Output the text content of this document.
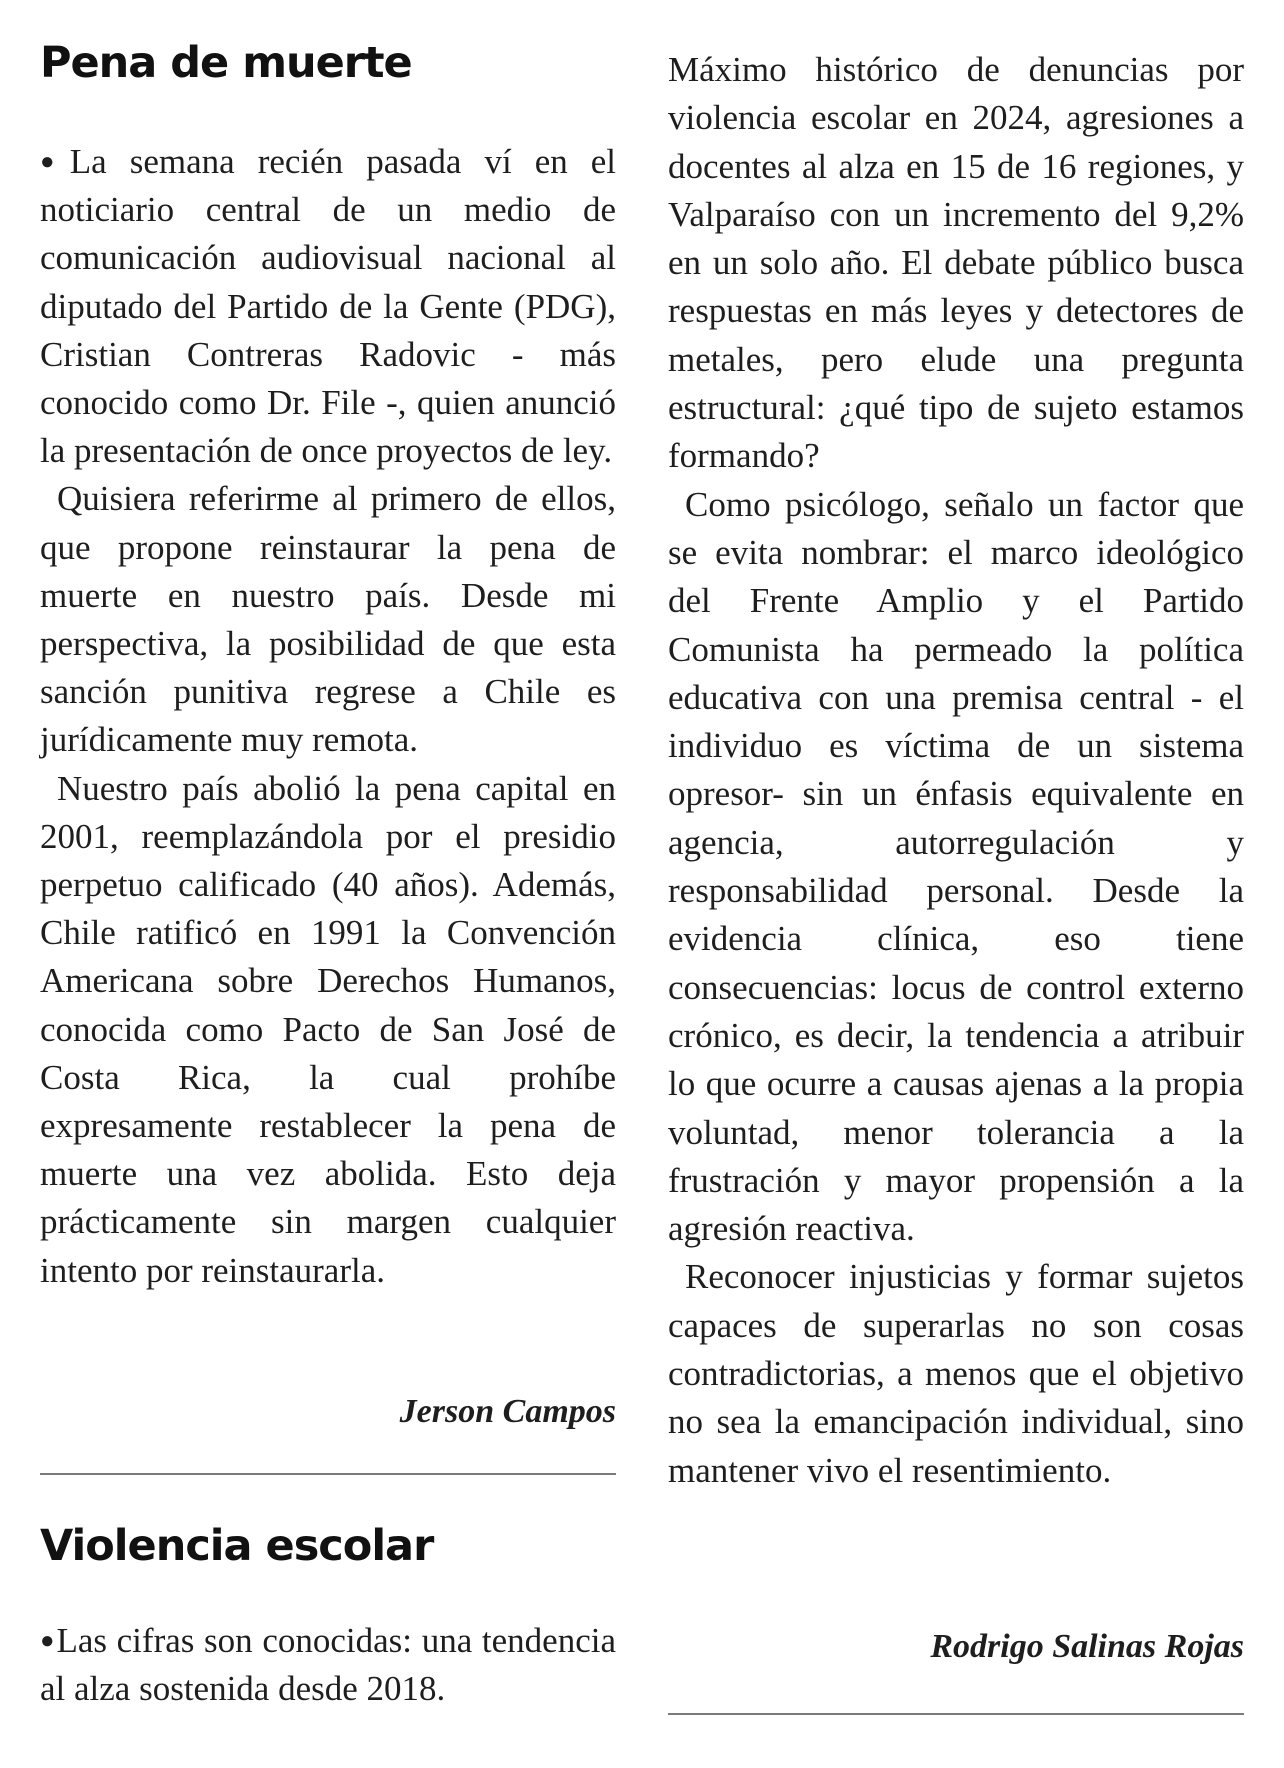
Pena de muerte

●La semana recién pasada ví en el noticiario central de un medio de comunicación audiovisual nacional al diputado del Partido de la Gente (PDG), Cristian Contreras Radovic - más conocido como Dr. File -, quien anunció la presentación de once proyectos de ley.

Quisiera referirme al primero de ellos, que propone reinstaurar la pena de muerte en nuestro país. Desde mi perspectiva, la posibilidad de que esta sanción punitiva regrese a Chile es jurídicamente muy remota.

Nuestro país abolió la pena capital en 2001, reemplazándola por el presidio perpetuo calificado (40 años). Además, Chile ratificó en 1991 la Convención Americana sobre Derechos Humanos, conocida como Pacto de San José de Costa Rica, la cual prohíbe expresamente restablecer la pena de muerte una vez abolida. Esto deja prácticamente sin margen cualquier intento por reinstaurarla.

Jerson Campos
Violencia escolar

●Las cifras son conocidas: una tendencia al alza sostenida desde 2018.

Máximo histórico de denuncias por violencia escolar en 2024, agresiones a docentes al alza en 15 de 16 regiones, y Valparaíso con un incremento del 9,2% en un solo año. El debate público busca respuestas en más leyes y detectores de metales, pero elude una pregunta estructural: ¿qué tipo de sujeto estamos formando?

Como psicólogo, señalo un factor que se evita nombrar: el marco ideológico del Frente Amplio y el Partido Comunista ha permeado la política educativa con una premisa central - el individuo es víctima de un sistema opresor- sin un énfasis equivalente en agencia, autorregulación y responsabilidad personal. Desde la evidencia clínica, eso tiene consecuencias: locus de control externo crónico, es decir, la tendencia a atribuir lo que ocurre a causas ajenas a la propia voluntad, menor tolerancia a la frustración y mayor propensión a la agresión reactiva.

Reconocer injusticias y formar sujetos capaces de superarlas no son cosas contradictorias, a menos que el objetivo no sea la emancipación individual, sino mantener vivo el resentimiento.

Rodrigo Salinas Rojas
